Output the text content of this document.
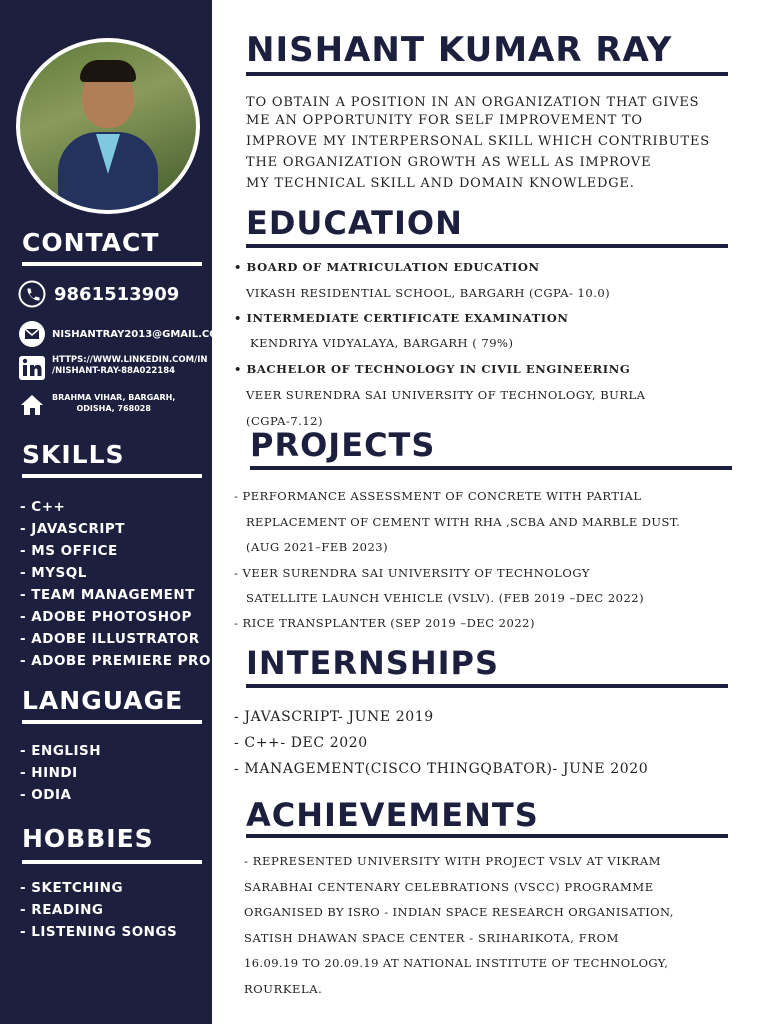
CONTACT
9861513909
NISHANTRAY2013@GMAIL.COM
HTTPS://WWW.LINKEDIN.COM/IN
/NISHANT-RAY-88A022184
BRAHMA VIHAR, BARGARH,
ODISHA, 768028
SKILLS
- C++
- JAVASCRIPT
- MS OFFICE
- MYSQL
- TEAM MANAGEMENT
- ADOBE PHOTOSHOP
- ADOBE ILLUSTRATOR
- ADOBE PREMIERE PRO
LANGUAGE
- ENGLISH
- HINDI
- ODIA
HOBBIES
- SKETCHING
- READING
- LISTENING SONGS
NISHANT KUMAR RAY
TO OBTAIN A POSITION IN AN ORGANIZATION THAT GIVES
ME AN OPPORTUNITY FOR SELF IMPROVEMENT TO
IMPROVE MY INTERPERSONAL SKILL WHICH CONTRIBUTES
THE ORGANIZATION GROWTH AS WELL AS IMPROVE
MY TECHNICAL SKILL AND DOMAIN KNOWLEDGE.
EDUCATION
• BOARD OF MATRICULATION EDUCATION
VIKASH RESIDENTIAL SCHOOL, BARGARH (CGPA- 10.0)
• INTERMEDIATE CERTIFICATE EXAMINATION
KENDRIYA VIDYALAYA, BARGARH ( 79%)
• BACHELOR OF TECHNOLOGY IN CIVIL ENGINEERING
VEER SURENDRA SAI UNIVERSITY OF TECHNOLOGY, BURLA
(CGPA-7.12)
PROJECTS
- PERFORMANCE ASSESSMENT OF CONCRETE WITH PARTIAL
REPLACEMENT OF CEMENT WITH RHA ,SCBA AND MARBLE DUST.
(AUG 2021–FEB 2023)
- VEER SURENDRA SAI UNIVERSITY OF TECHNOLOGY
SATELLITE LAUNCH VEHICLE (VSLV). (FEB 2019 –DEC 2022)
- RICE TRANSPLANTER (SEP 2019 –DEC 2022)
INTERNSHIPS
- JAVASCRIPT- JUNE 2019
- C++- DEC 2020
- MANAGEMENT(CISCO THINGQBATOR)- JUNE 2020
ACHIEVEMENTS
- REPRESENTED UNIVERSITY WITH PROJECT VSLV AT VIKRAM
SARABHAI CENTENARY CELEBRATIONS (VSCC) PROGRAMME
ORGANISED BY ISRO - INDIAN SPACE RESEARCH ORGANISATION,
SATISH DHAWAN SPACE CENTER - SRIHARIKOTA, FROM
16.09.19 TO 20.09.19 AT NATIONAL INSTITUTE OF TECHNOLOGY,
ROURKELA.
